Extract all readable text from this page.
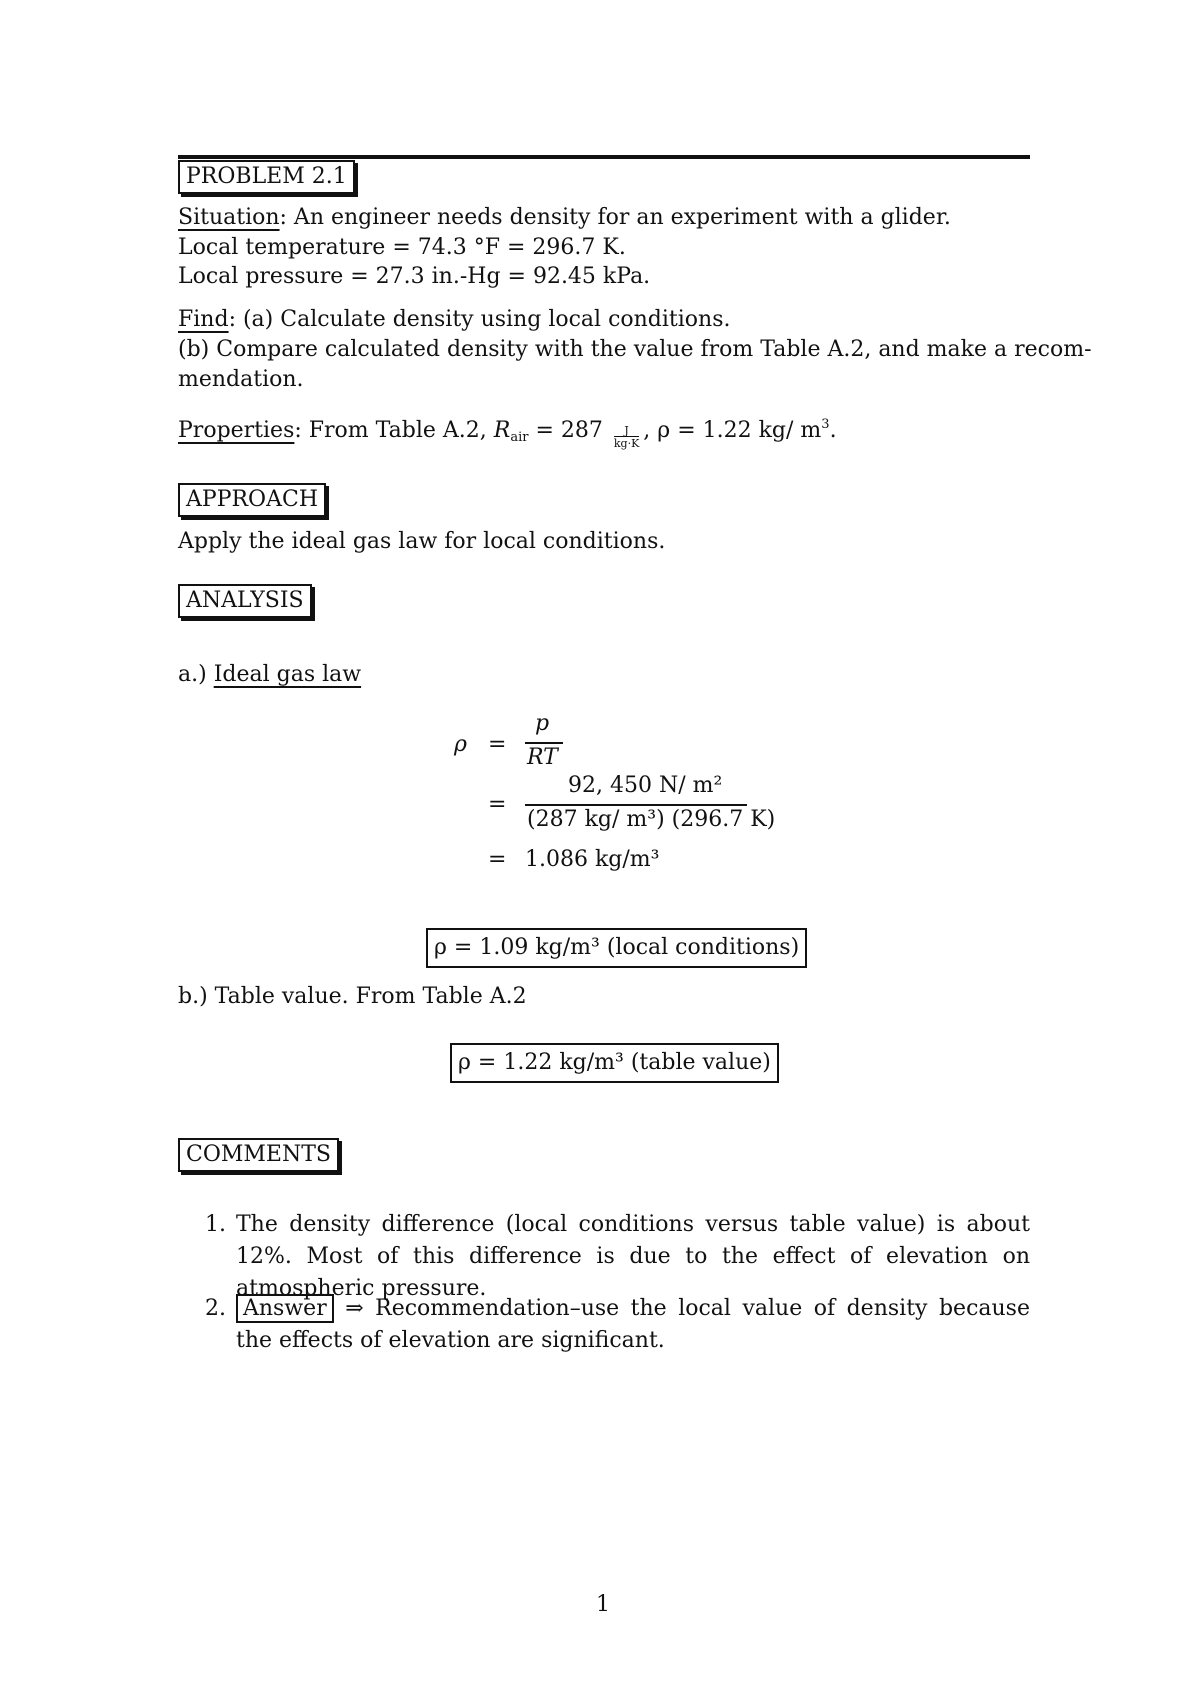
PROBLEM 2.1
Situation: An engineer needs density for an experiment with a glider.
Local temperature = 74.3 °F = 296.7 K.
Local pressure = 27.3 in.-Hg = 92.45 kPa.
Find: (a) Calculate density using local conditions.
(b) Compare calculated density with the value from Table A.2, and make a recom-
mendation.
Properties: From Table A.2, $R_{air} = 287 \frac{J}{kg\cdot K}$ , ρ = 1.22 kg/ $m^3$.
APPROACH
Apply the ideal gas law for local conditions.
ANALYSIS
a.) Ideal gas law
ρ =
p
RT
=
92, 450 N/ m²
(287 kg/ m³) (296.7 K)
= 1.086 kg/m³
ρ = 1.09 kg/m³ (local conditions)
b.) Table value. From Table A.2
ρ = 1.22 kg/m³ (table value)
COMMENTS
1. The density difference (local conditions versus table value) is about 12%. Most of this difference is due to the effect of elevation on atmospheric pressure.
2. Answer ⇒ Recommendation–use the local value of density because the effects of elevation are significant.
1
